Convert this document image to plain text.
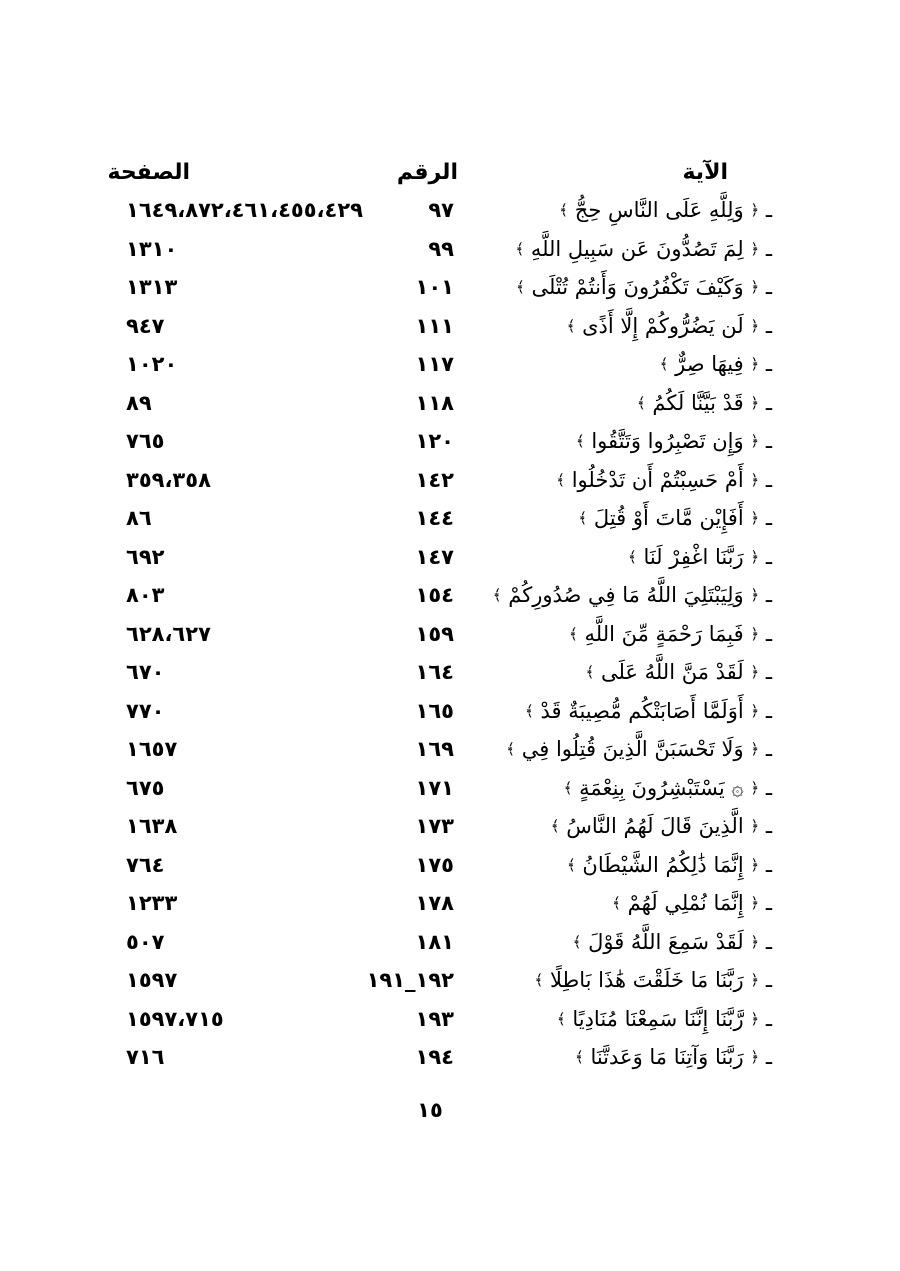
الآية
الرقم
الصفحة
ـ ﴿ وَلِلَّهِ عَلَى النَّاسِ حِجُّ ﴾
٩٧
١٦٤٩،٨٧٢،٤٦١،٤٥٥،٤٢٩
ـ ﴿ لِمَ تَصُدُّونَ عَن سَبِيلِ اللَّهِ ﴾
٩٩
١٣١٠
ـ ﴿ وَكَيْفَ تَكْفُرُونَ وَأَنتُمْ تُتْلَى ﴾
١٠١
١٣١٣
ـ ﴿ لَن يَضُرُّوكُمْ إِلَّا أَذًى ﴾
١١١
٩٤٧
ـ ﴿ فِيهَا صِرٌّ ﴾
١١٧
١٠٢٠
ـ ﴿ قَدْ بَيَّنَّا لَكُمُ ﴾
١١٨
٨٩
ـ ﴿ وَإِن تَصْبِرُوا وَتَتَّقُوا ﴾
١٢٠
٧٦٥
ـ ﴿ أَمْ حَسِبْتُمْ أَن تَدْخُلُوا ﴾
١٤٢
٣٥٩،٣٥٨
ـ ﴿ أَفَإِيْن مَّاتَ أَوْ قُتِلَ ﴾
١٤٤
٨٦
ـ ﴿ رَبَّنَا اغْفِرْ لَنَا ﴾
١٤٧
٦٩٢
ـ ﴿ وَلِيَبْتَلِيَ اللَّهُ مَا فِي صُدُورِكُمْ ﴾
١٥٤
٨٠٣
ـ ﴿ فَبِمَا رَحْمَةٍ مِّنَ اللَّهِ ﴾
١٥٩
٦٢٨،٦٢٧
ـ ﴿ لَقَدْ مَنَّ اللَّهُ عَلَى ﴾
١٦٤
٦٧٠
ـ ﴿ أَوَلَمَّا أَصَابَتْكُم مُّصِيبَةٌ قَدْ ﴾
١٦٥
٧٧٠
ـ ﴿ وَلَا تَحْسَبَنَّ الَّذِينَ قُتِلُوا فِي ﴾
١٦٩
١٦٥٧
ـ ﴿ ۞ يَسْتَبْشِرُونَ بِنِعْمَةٍ ﴾
١٧١
٦٧٥
ـ ﴿ الَّذِينَ قَالَ لَهُمُ النَّاسُ ﴾
١٧٣
١٦٣٨
ـ ﴿ إِنَّمَا ذَٰلِكُمُ الشَّيْطَانُ ﴾
١٧٥
٧٦٤
ـ ﴿ إِنَّمَا نُمْلِي لَهُمْ ﴾
١٧٨
١٢٣٣
ـ ﴿ لَقَدْ سَمِعَ اللَّهُ قَوْلَ ﴾
١٨١
٥٠٧
ـ ﴿ رَبَّنَا مَا خَلَقْتَ هَٰذَا بَاطِلًا ﴾
١٩٢_١٩١
١٥٩٧
ـ ﴿ رَّبَّنَا إِنَّنَا سَمِعْنَا مُنَادِيًا ﴾
١٩٣
١٥٩٧،٧١٥
ـ ﴿ رَبَّنَا وَآتِنَا مَا وَعَدتَّنَا ﴾
١٩٤
٧١٦
١٥
